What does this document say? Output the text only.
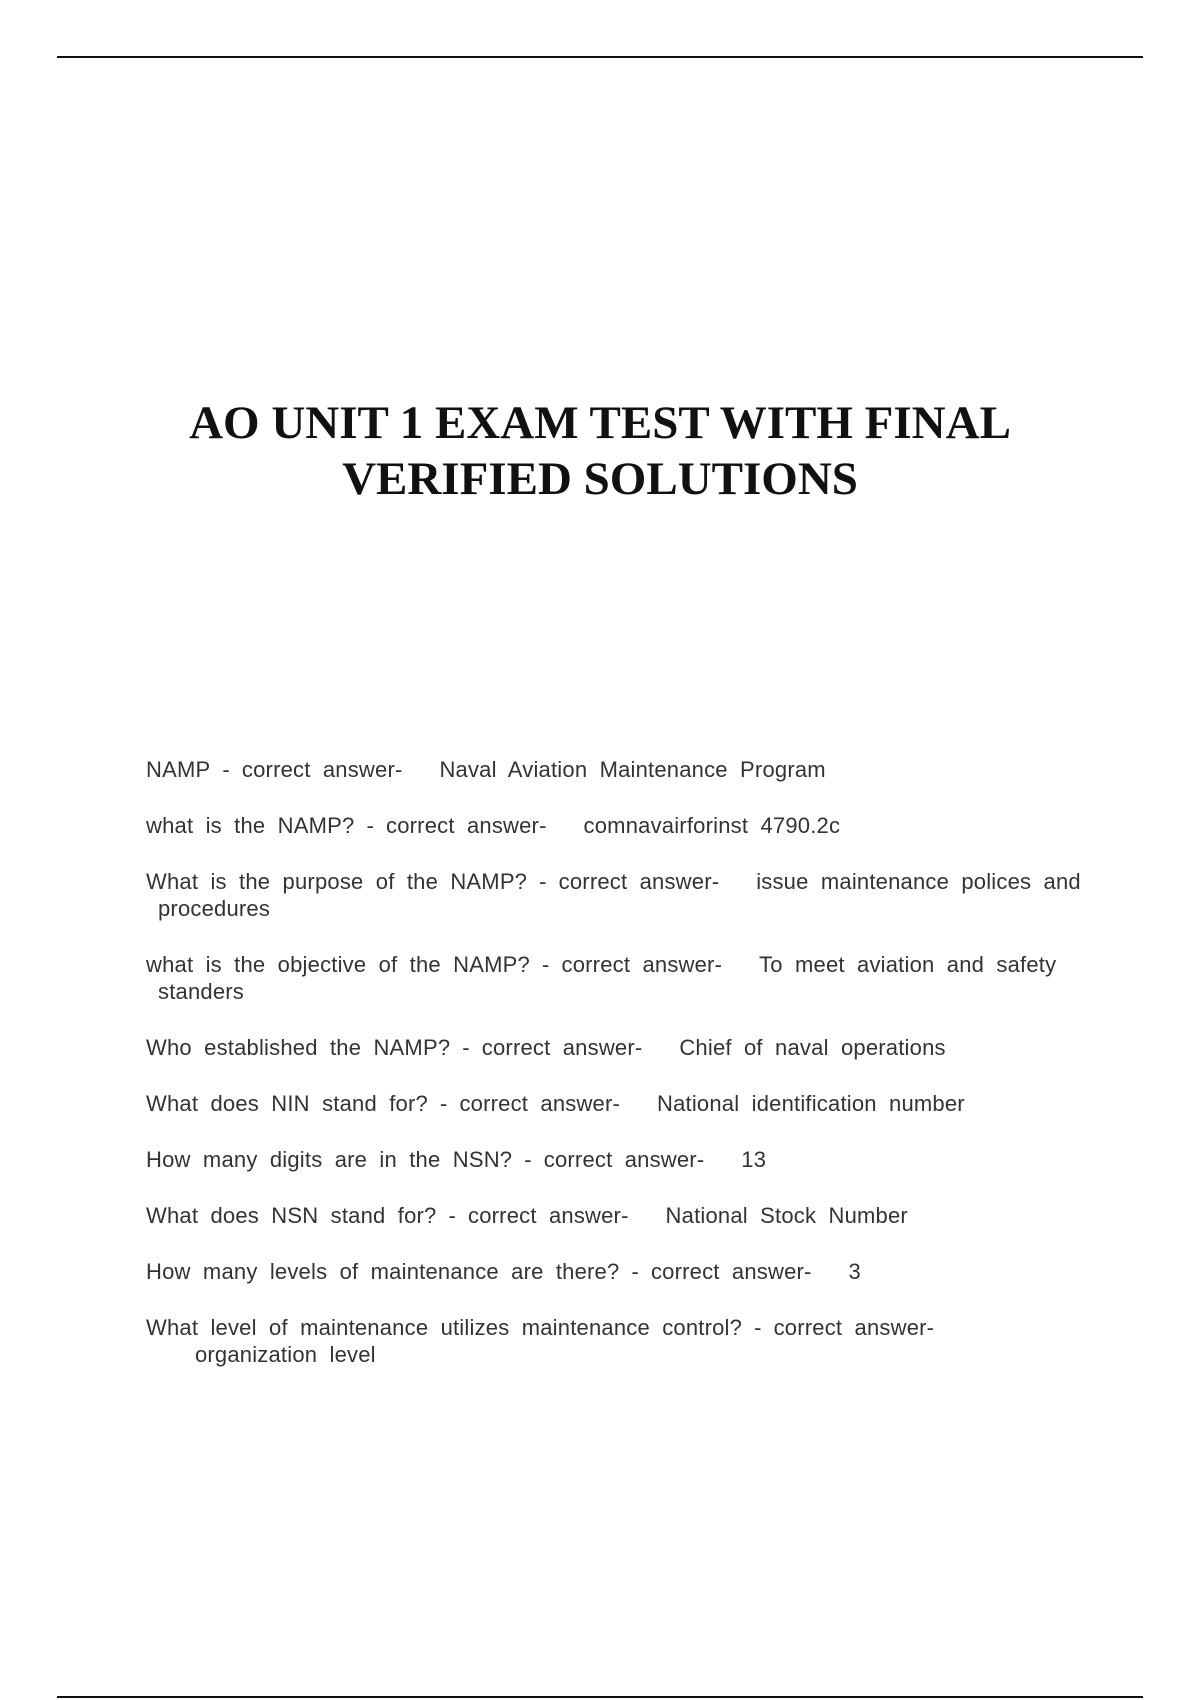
AO UNIT 1 EXAM TEST WITH FINAL
VERIFIED SOLUTIONS
NAMP - correct answer- Naval Aviation Maintenance Program
what is the NAMP? - correct answer- comnavairforinst 4790.2c
What is the purpose of the NAMP? - correct answer- issue maintenance polices and procedures
what is the objective of the NAMP? - correct answer- To meet aviation and safety standers
Who established the NAMP? - correct answer- Chief of naval operations
What does NIN stand for? - correct answer- National identification number
How many digits are in the NSN? - correct answer- 13
What does NSN stand for? - correct answer- National Stock Number
How many levels of maintenance are there? - correct answer- 3
What level of maintenance utilizes maintenance control? - correct answer-   organization level
